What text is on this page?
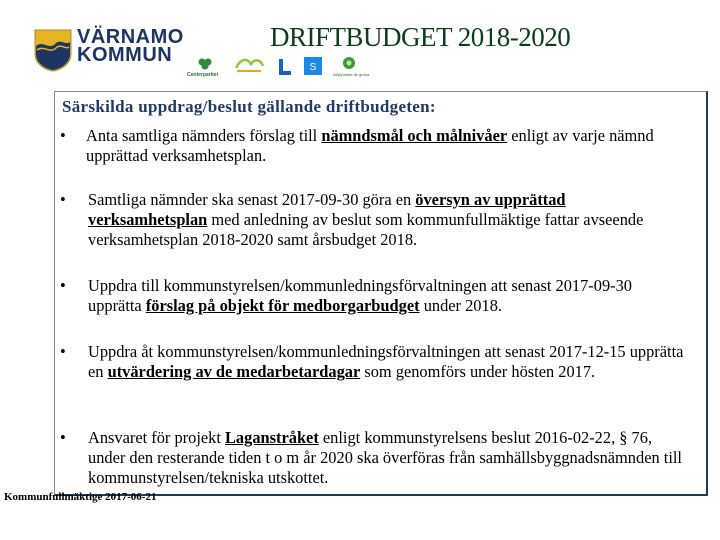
VÄRNAMO
KOMMUN
DRIFTBUDGET 2018-2020
Centerpartiet
S
miljöpartiet de gröna
Särskilda uppdrag/beslut gällande driftbudgeten:
• Anta samtliga nämnders förslag till nämndsmål och målnivåer enligt av varje nämnd upprättad verksamhetsplan.
• Samtliga nämnder ska senast 2017-09-30 göra en översyn av upprättad verksamhetsplan med anledning av beslut som kommunfullmäktige fattar avseende verksamhetsplan 2018-2020 samt årsbudget 2018.
• Uppdra till kommunstyrelsen/kommunledningsförvaltningen att senast 2017-09-30 upprätta förslag på objekt för medborgarbudget under 2018.
• Uppdra åt kommunstyrelsen/kommunledningsförvaltningen att senast 2017-12-15 upprätta en utvärdering av de medarbetardagar som genomförs under hösten 2017.
• Ansvaret för projekt Laganstråket enligt kommunstyrelsens beslut 2016-02-22, § 76, under den resterande tiden t o m år 2020 ska överföras från samhällsbyggnadsnämnden till kommunstyrelsen/tekniska utskottet.
Kommunfullmäktige 2017-06-21
